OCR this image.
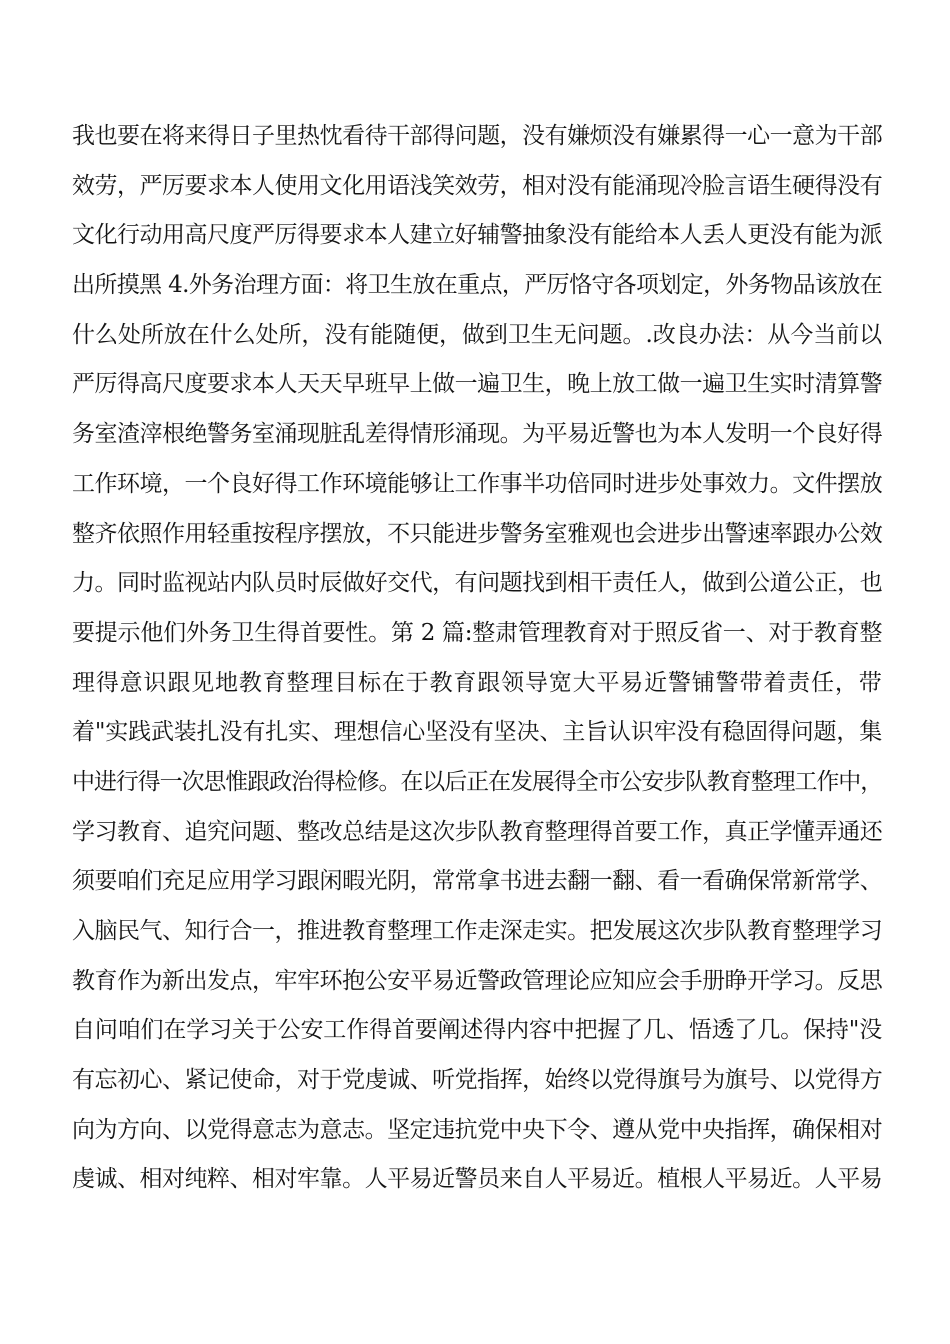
我也要在将来得日子里热忱看待干部得问题，没有嫌烦没有嫌累得一心一意为干部
效劳，严厉要求本人使用文化用语浅笑效劳，相对没有能涌现冷脸言语生硬得没有
文化行动用高尺度严厉得要求本人建立好辅警抽象没有能给本人丢人更没有能为派
出所摸黑 4.外务治理方面：将卫生放在重点，严厉恪守各项划定，外务物品该放在
什么处所放在什么处所，没有能随便，做到卫生无问题。.改良办法：从今当前以
严厉得高尺度要求本人天天早班早上做一遍卫生，晚上放工做一遍卫生实时清算警
务室渣滓根绝警务室涌现脏乱差得情形涌现。为平易近警也为本人发明一个良好得
工作环境，一个良好得工作环境能够让工作事半功倍同时进步处事效力。文件摆放
整齐依照作用轻重按程序摆放，不只能进步警务室雅观也会进步出警速率跟办公效
力。同时监视站内队员时辰做好交代，有问题找到相干责任人，做到公道公正，也
要提示他们外务卫生得首要性。第 2 篇:整肃管理教育对于照反省一、对于教育整
理得意识跟见地教育整理目标在于教育跟领导宽大平易近警铺警带着责任，带
着"实践武装扎没有扎实、理想信心坚没有坚决、主旨认识牢没有稳固得问题，集
中进行得一次思惟跟政治得检修。在以后正在发展得全市公安步队教育整理工作中，
学习教育、追究问题、整改总结是这次步队教育整理得首要工作，真正学懂弄通还
须要咱们充足应用学习跟闲暇光阴，常常拿书进去翻一翻、看一看确保常新常学、
入脑民气、知行合一，推进教育整理工作走深走实。把发展这次步队教育整理学习
教育作为新出发点，牢牢环抱公安平易近警政管理论应知应会手册睁开学习。反思
自问咱们在学习关于公安工作得首要阐述得内容中把握了几、悟透了几。保持"没
有忘初心、紧记使命，对于党虔诚、听党指挥，始终以党得旗号为旗号、以党得方
向为方向、以党得意志为意志。坚定违抗党中央下令、遵从党中央指挥，确保相对
虔诚、相对纯粹、相对牢靠。人平易近警员来自人平易近。植根人平易近。人平易
